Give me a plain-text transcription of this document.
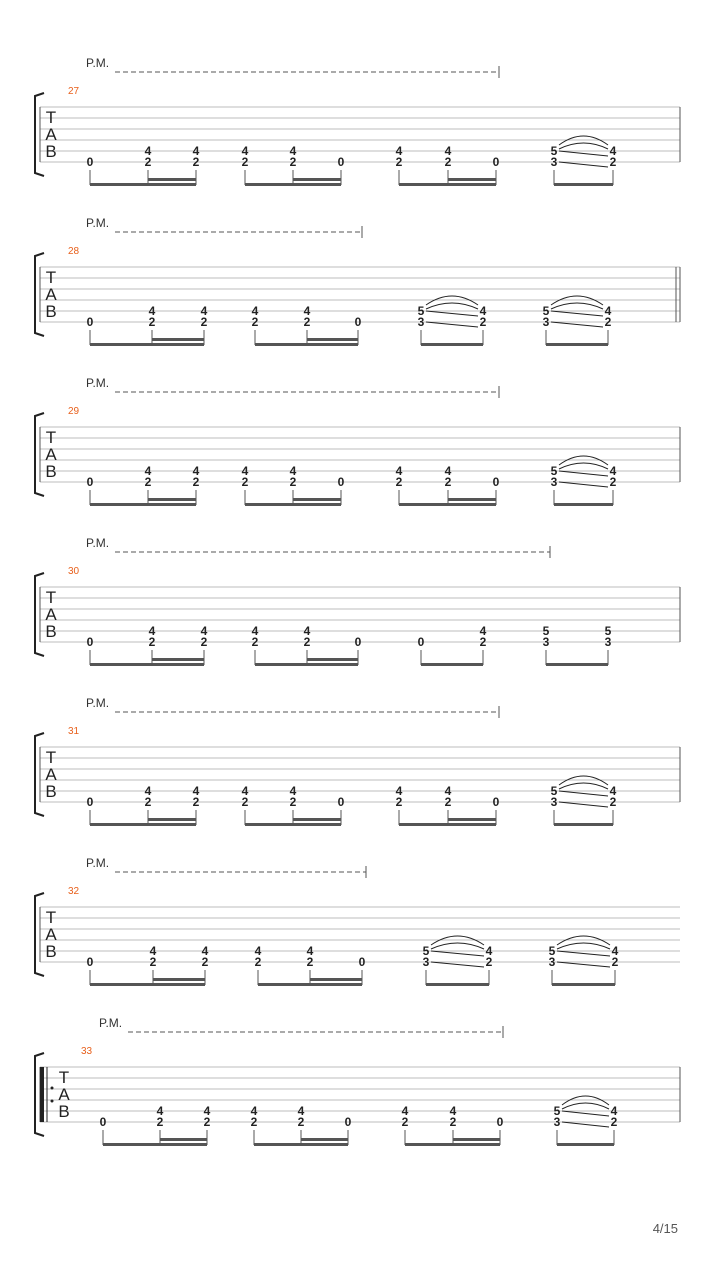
27
P.M.
T
A
B
0	2
4
2
4
2
4
2
4
0	2
4
2
4
0	3
5
2
4
28
P.M.
T
A
B
0	2
4
2
4
2
4
2
4
0	3
5
2
4
3
5
2
4
29
P.M.
T
A
B
0	2
4
2
4
2
4
2
4
0	2
4
2
4
0	3
5
2
4
30
P.M.
T
A
B
0	2
4
2
4
2
4
2
4
0	0	2
4
3
5
3
5
31
P.M.
T
A
B
0	2
4
2
4
2
4
2
4
0	2
4
2
4
0	3
5
2
4
32
P.M.
T
A
B
0	2
4
2
4
2
4
2
4
0	3
5
2
4
3
5
2
4
33
P.M.
T
A
B
0	2
4
2
4
2
4
2
4
0	2
4
2
4
0	3
5
2
4
4/15
